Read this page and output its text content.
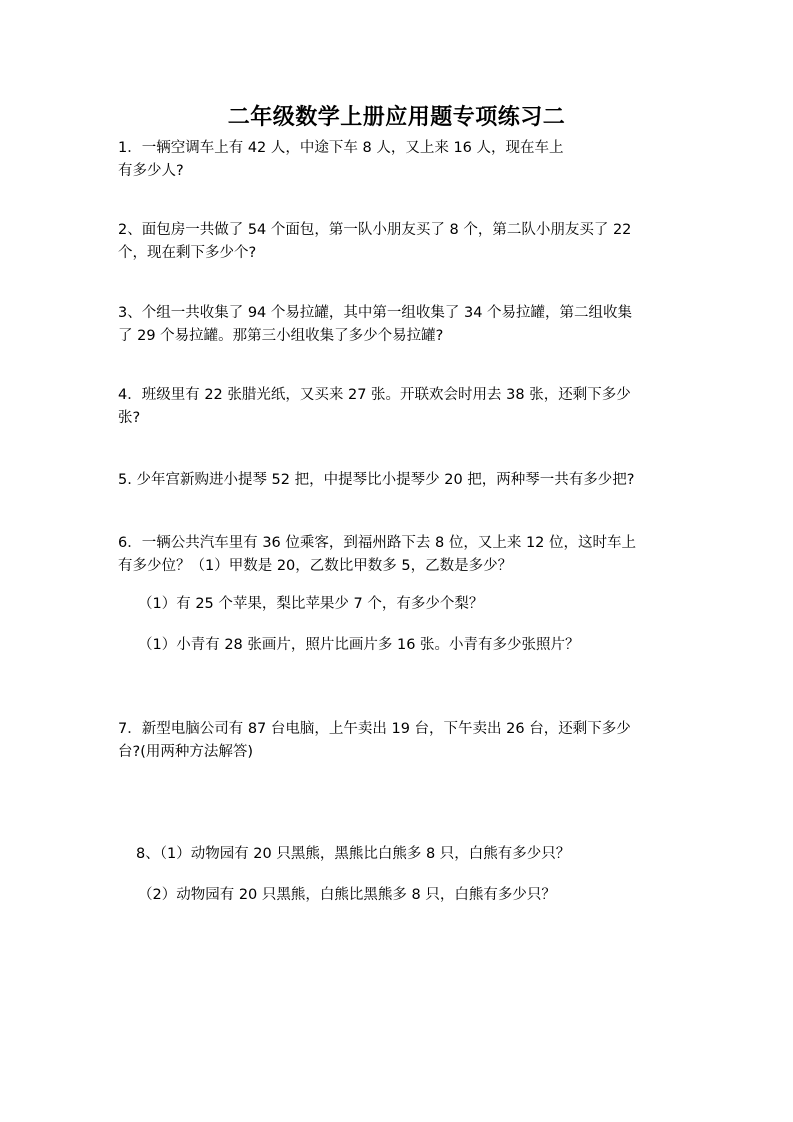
二年级数学上册应用题专项练习二
1．一辆空调车上有 42 人，中途下车 8 人，又上来 16 人，现在车上
有多少人?
2、面包房一共做了 54 个面包，第一队小朋友买了 8 个，第二队小朋友买了 22
个，现在剩下多少个?
3、个组一共收集了 94 个易拉罐，其中第一组收集了 34 个易拉罐，第二组收集
了 29 个易拉罐。那第三小组收集了多少个易拉罐?
4．班级里有 22 张腊光纸，又买来 27 张。开联欢会时用去 38 张，还剩下多少
张?
5. 少年宫新购进小提琴 52 把，中提琴比小提琴少 20 把，两种琴一共有多少把?
6．一辆公共汽车里有 36 位乘客，到福州路下去 8 位，又上来 12 位，这时车上
有多少位？（1）甲数是 20，乙数比甲数多 5，乙数是多少？
（1）有 25 个苹果，梨比苹果少 7 个，有多少个梨？
（1）小青有 28 张画片，照片比画片多 16 张。小青有多少张照片？
7．新型电脑公司有 87 台电脑，上午卖出 19 台，下午卖出 26 台，还剩下多少
台?(用两种方法解答)
8、（1）动物园有 20 只黑熊，黑熊比白熊多 8 只，白熊有多少只？
（2）动物园有 20 只黑熊，白熊比黑熊多 8 只，白熊有多少只？
